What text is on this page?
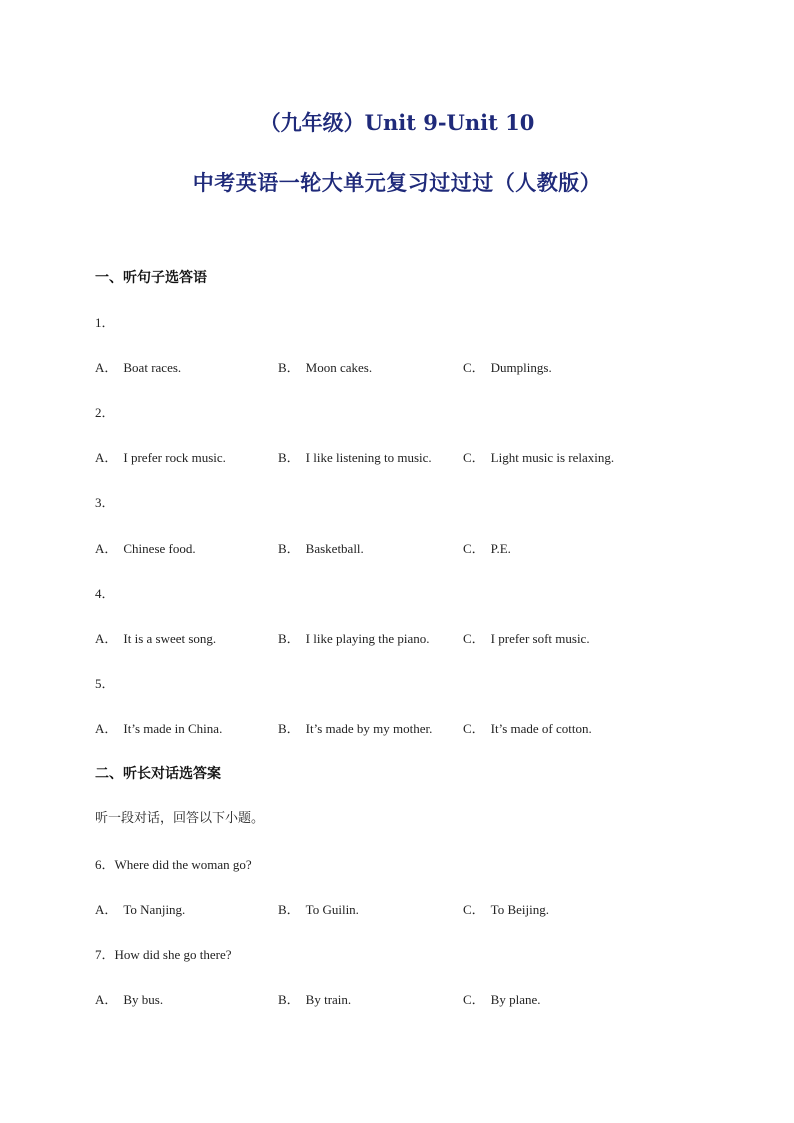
（九年级）Unit 9-Unit 10
中考英语一轮大单元复习过过过（人教版）
一、听句子选答语
1．
A． Boat races.	B． Moon cakes.	C． Dumplings.
2．
A． I prefer rock music.	B． I like listening to music. C． Light music is relaxing.
3．
A． Chinese food.	B． Basketball.	C． P.E.
4．
A． It is a sweet song.	B． I like playing the piano.	C． I prefer soft music.
5．
A． It’s made in China.	B． It’s made by my mother. C． It’s made of cotton.
二、听长对话选答案
听一段对话，回答以下小题。
6．Where did the woman go?
A． To Nanjing.	B． To Guilin.	C． To Beijing.
7．How did she go there?
A． By bus.	B． By train.	C． By plane.
